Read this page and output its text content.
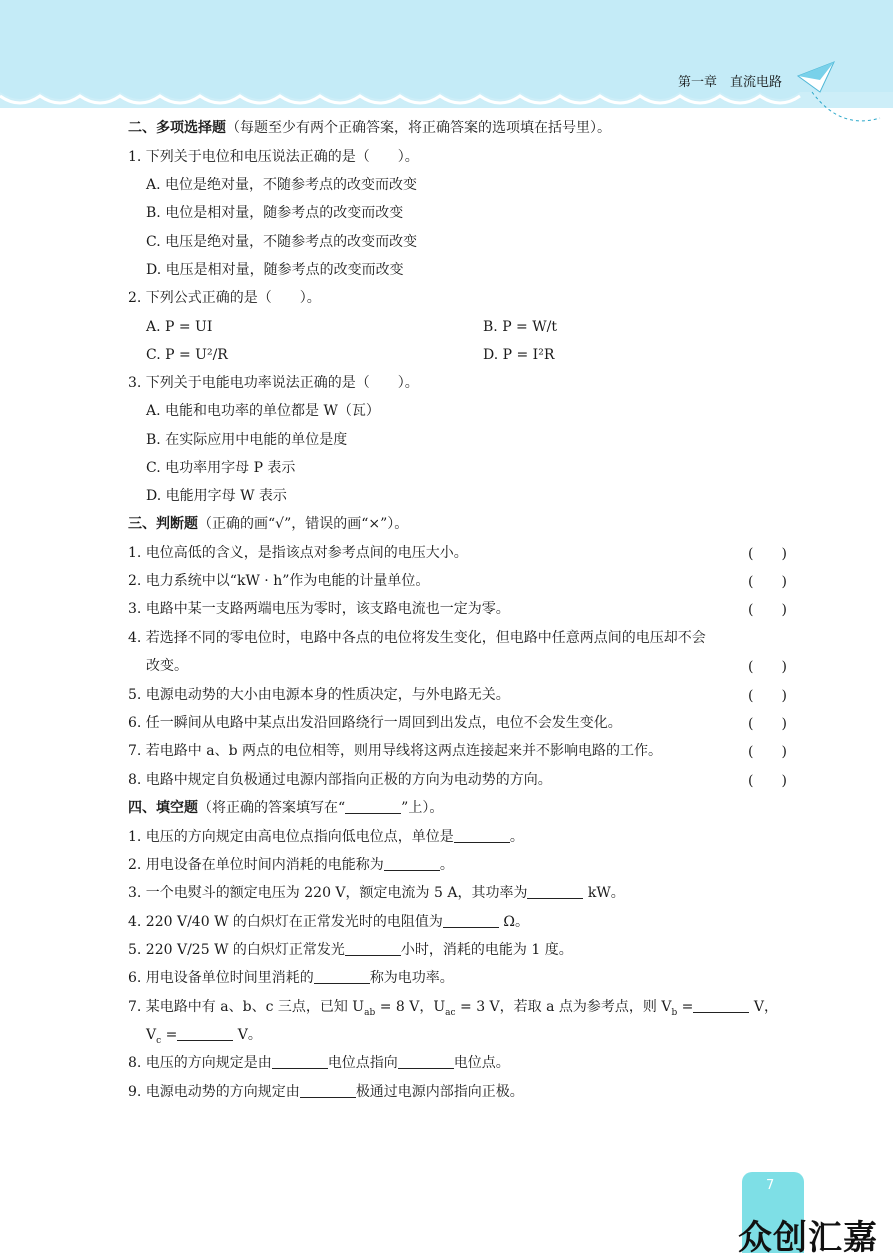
第一章　直流电路
二、多项选择题（每题至少有两个正确答案，将正确答案的选项填在括号里）。
1. 下列关于电位和电压说法正确的是（　　）。
A. 电位是绝对量，不随参考点的改变而改变
B. 电位是相对量，随参考点的改变而改变
C. 电压是绝对量，不随参考点的改变而改变
D. 电压是相对量，随参考点的改变而改变
2. 下列公式正确的是（　　）。
A. P = UI	B. P = W/t
C. P = U²/R	D. P = I²R
3. 下列关于电能电功率说法正确的是（　　）。
A. 电能和电功率的单位都是 W（瓦）
B. 在实际应用中电能的单位是度
C. 电功率用字母 P 表示
D. 电能用字母 W 表示
三、判断题（正确的画“√”，错误的画“×”）。
1. 电位高低的含义，是指该点对参考点间的电压大小。	(　　)
2. 电力系统中以“kW · h”作为电能的计量单位。	(　　)
3. 电路中某一支路两端电压为零时，该支路电流也一定为零。	(　　)
4. 若选择不同的零电位时，电路中各点的电位将发生变化，但电路中任意两点间的电压却不会
改变。	(　　)
5. 电源电动势的大小由电源本身的性质决定，与外电路无关。	(　　)
6. 任一瞬间从电路中某点出发沿回路绕行一周回到出发点，电位不会发生变化。	(　　)
7. 若电路中 a、b 两点的电位相等，则用导线将这两点连接起来并不影响电路的工作。	(　　)
8. 电路中规定自负极通过电源内部指向正极的方向为电动势的方向。	(　　)
四、填空题（将正确的答案填写在“	”上）。
1. 电压的方向规定由高电位点指向低电位点，单位是	。
2. 用电设备在单位时间内消耗的电能称为	。
3. 一个电熨斗的额定电压为 220 V，额定电流为 5 A，其功率为	kW。
4. 220 V/40 W 的白炽灯在正常发光时的电阻值为	Ω。
5. 220 V/25 W 的白炽灯正常发光	小时，消耗的电能为 1 度。
6. 用电设备单位时间里消耗的	称为电功率。
7. 某电路中有 a、b、c 三点，已知 $U_{ab} = 8$ V，$U_{ac} = 3$ V，若取 a 点为参考点，则 $V_b$ =	V，
$V_c$ =	V。
8. 电压的方向规定是由	电位点指向	电位点。
9. 电源电动势的方向规定由	极通过电源内部指向正极。
7
众创汇嘉
